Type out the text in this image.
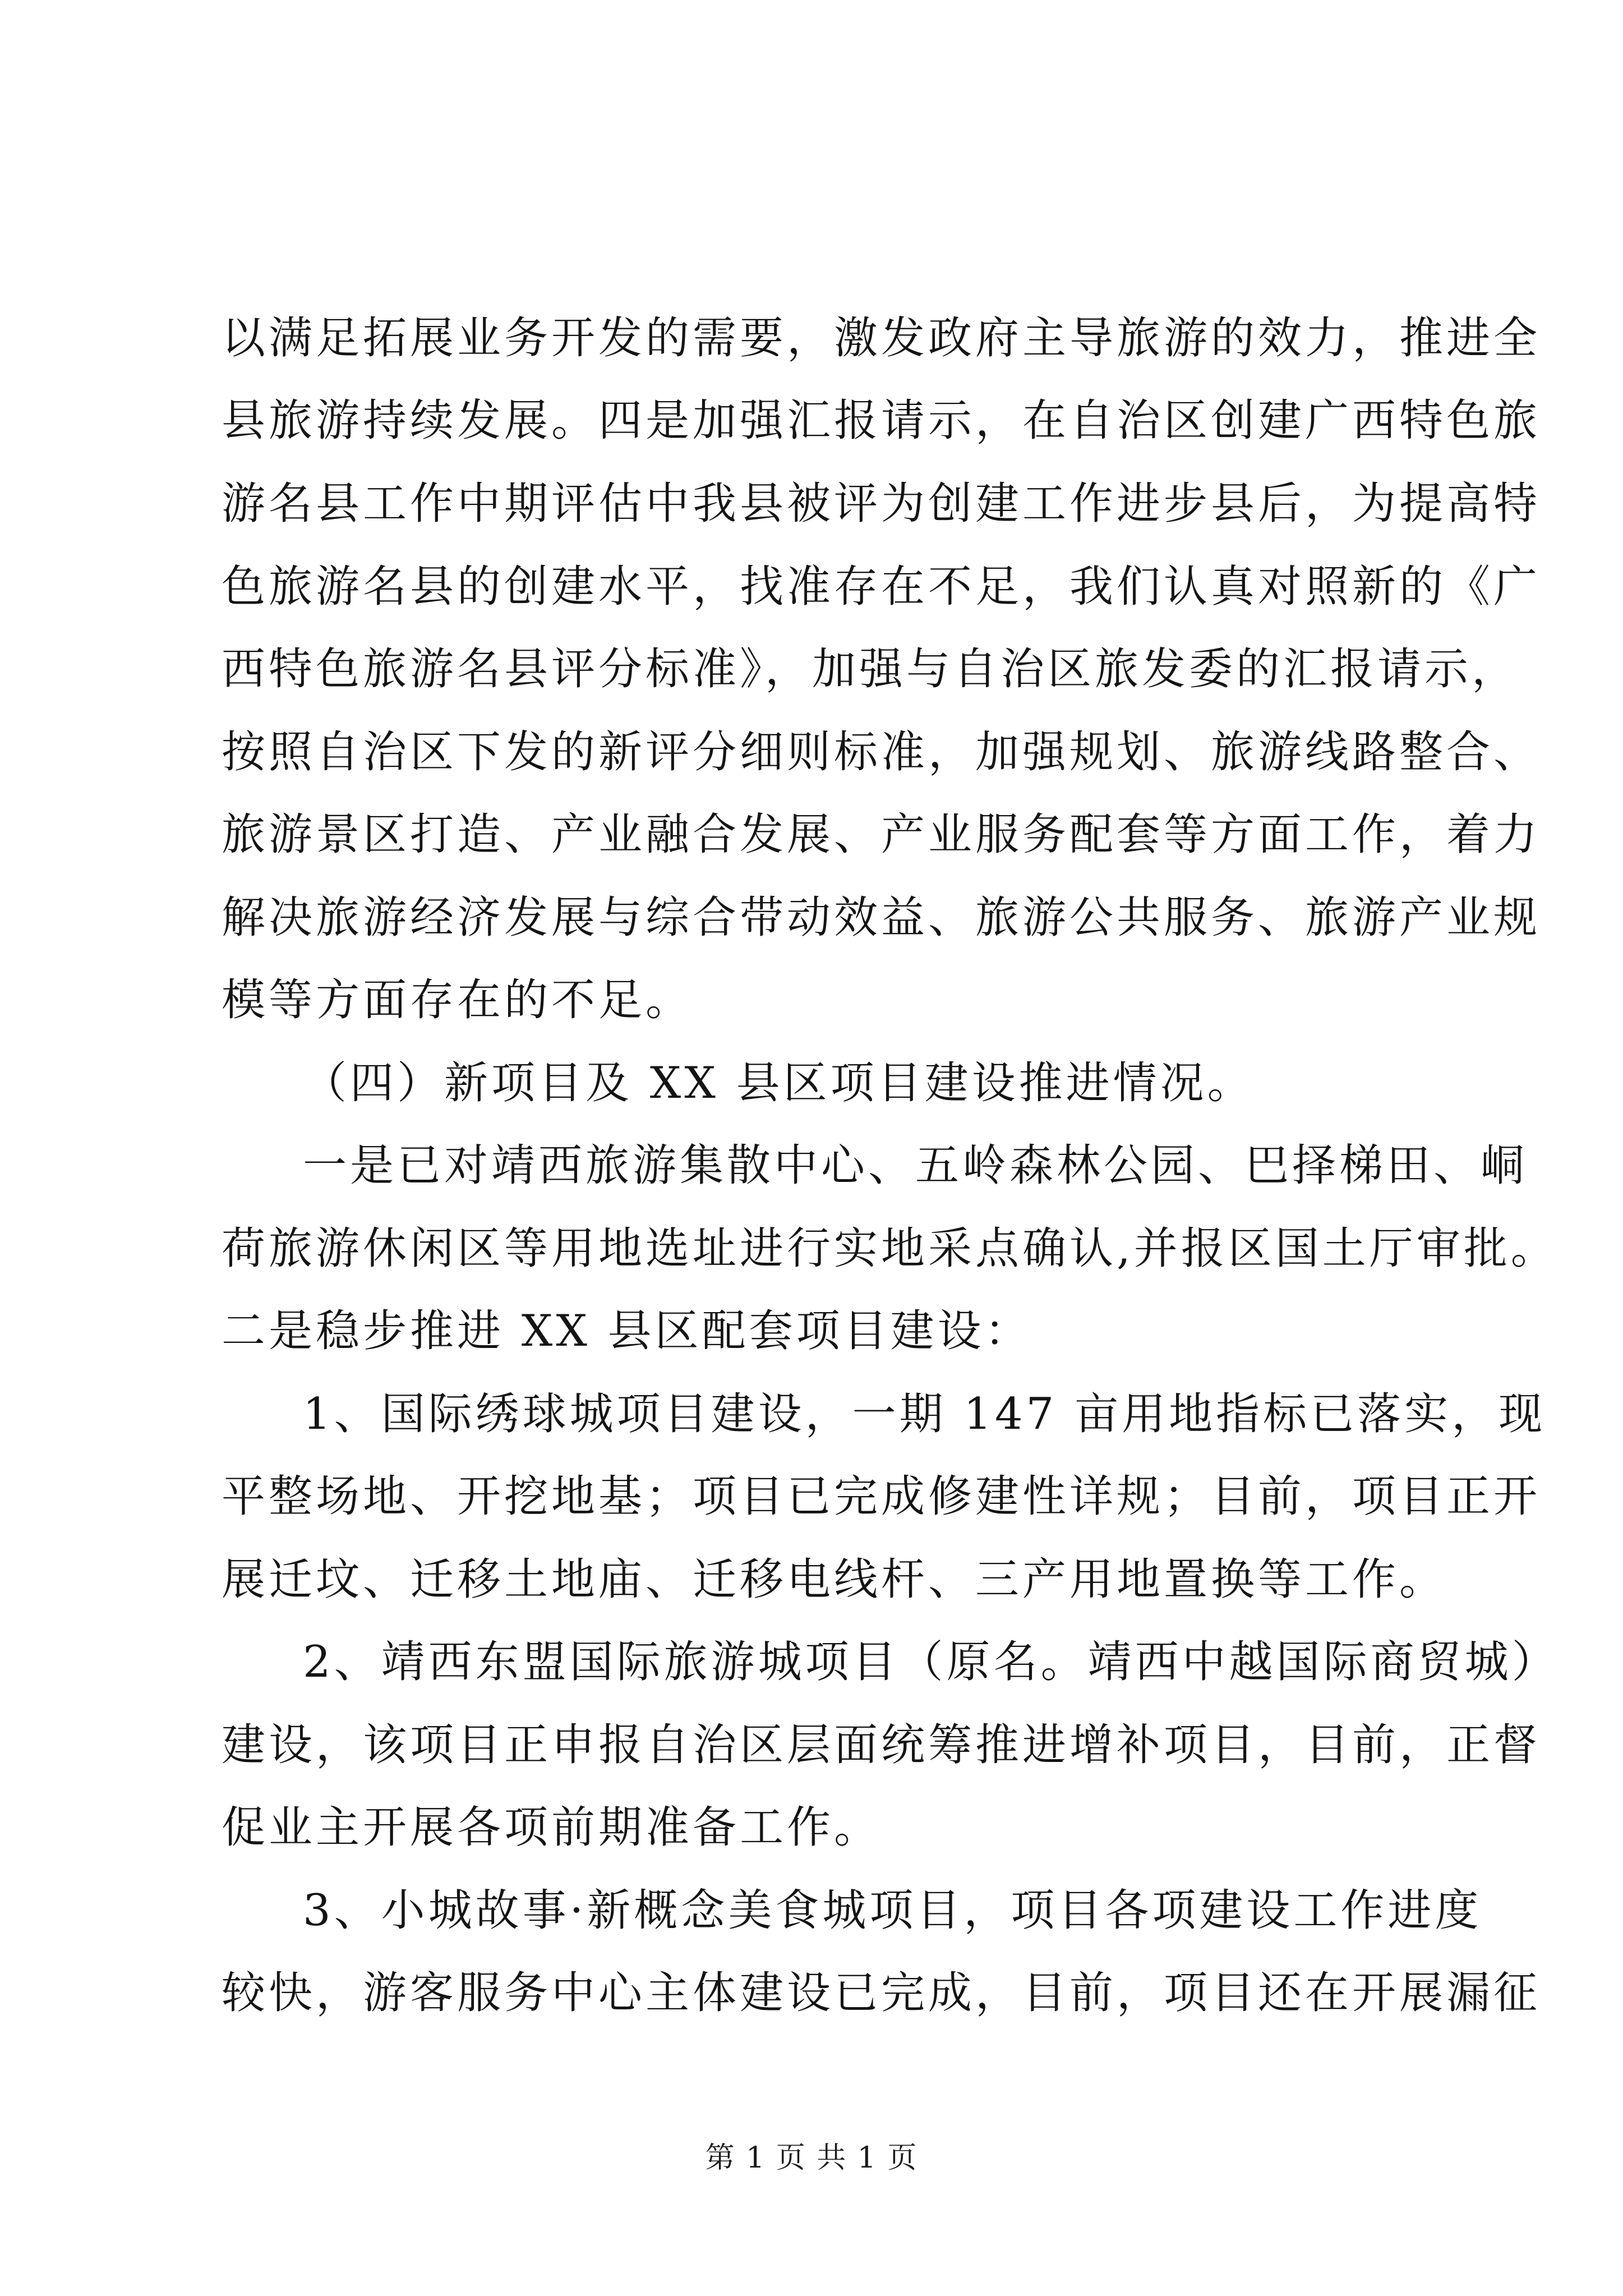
以满足拓展业务开发的需要，激发政府主导旅游的效力，推进全
县旅游持续发展。四是加强汇报请示，在自治区创建广西特色旅
游名县工作中期评估中我县被评为创建工作进步县后，为提高特
色旅游名县的创建水平，找准存在不足，我们认真对照新的《广
西特色旅游名县评分标准》，加强与自治区旅发委的汇报请示，
按照自治区下发的新评分细则标准，加强规划、旅游线路整合、
旅游景区打造、产业融合发展、产业服务配套等方面工作，着力
解决旅游经济发展与综合带动效益、旅游公共服务、旅游产业规
模等方面存在的不足。
（四）新项目及 XX 县区项目建设推进情况。
一是已对靖西旅游集散中心、五岭森林公园、巴择梯田、峒
荷旅游休闲区等用地选址进行实地采点确认,并报区国土厅审批。
二是稳步推进 XX 县区配套项目建设：
1、国际绣球城项目建设，一期 147 亩用地指标已落实，现
平整场地、开挖地基；项目已完成修建性详规；目前，项目正开
展迁坟、迁移土地庙、迁移电线杆、三产用地置换等工作。
2、靖西东盟国际旅游城项目（原名。靖西中越国际商贸城）
建设，该项目正申报自治区层面统筹推进增补项目，目前，正督
促业主开展各项前期准备工作。
3、小城故事·新概念美食城项目，项目各项建设工作进度
较快，游客服务中心主体建设已完成，目前，项目还在开展漏征
第 1 页 共 1 页
